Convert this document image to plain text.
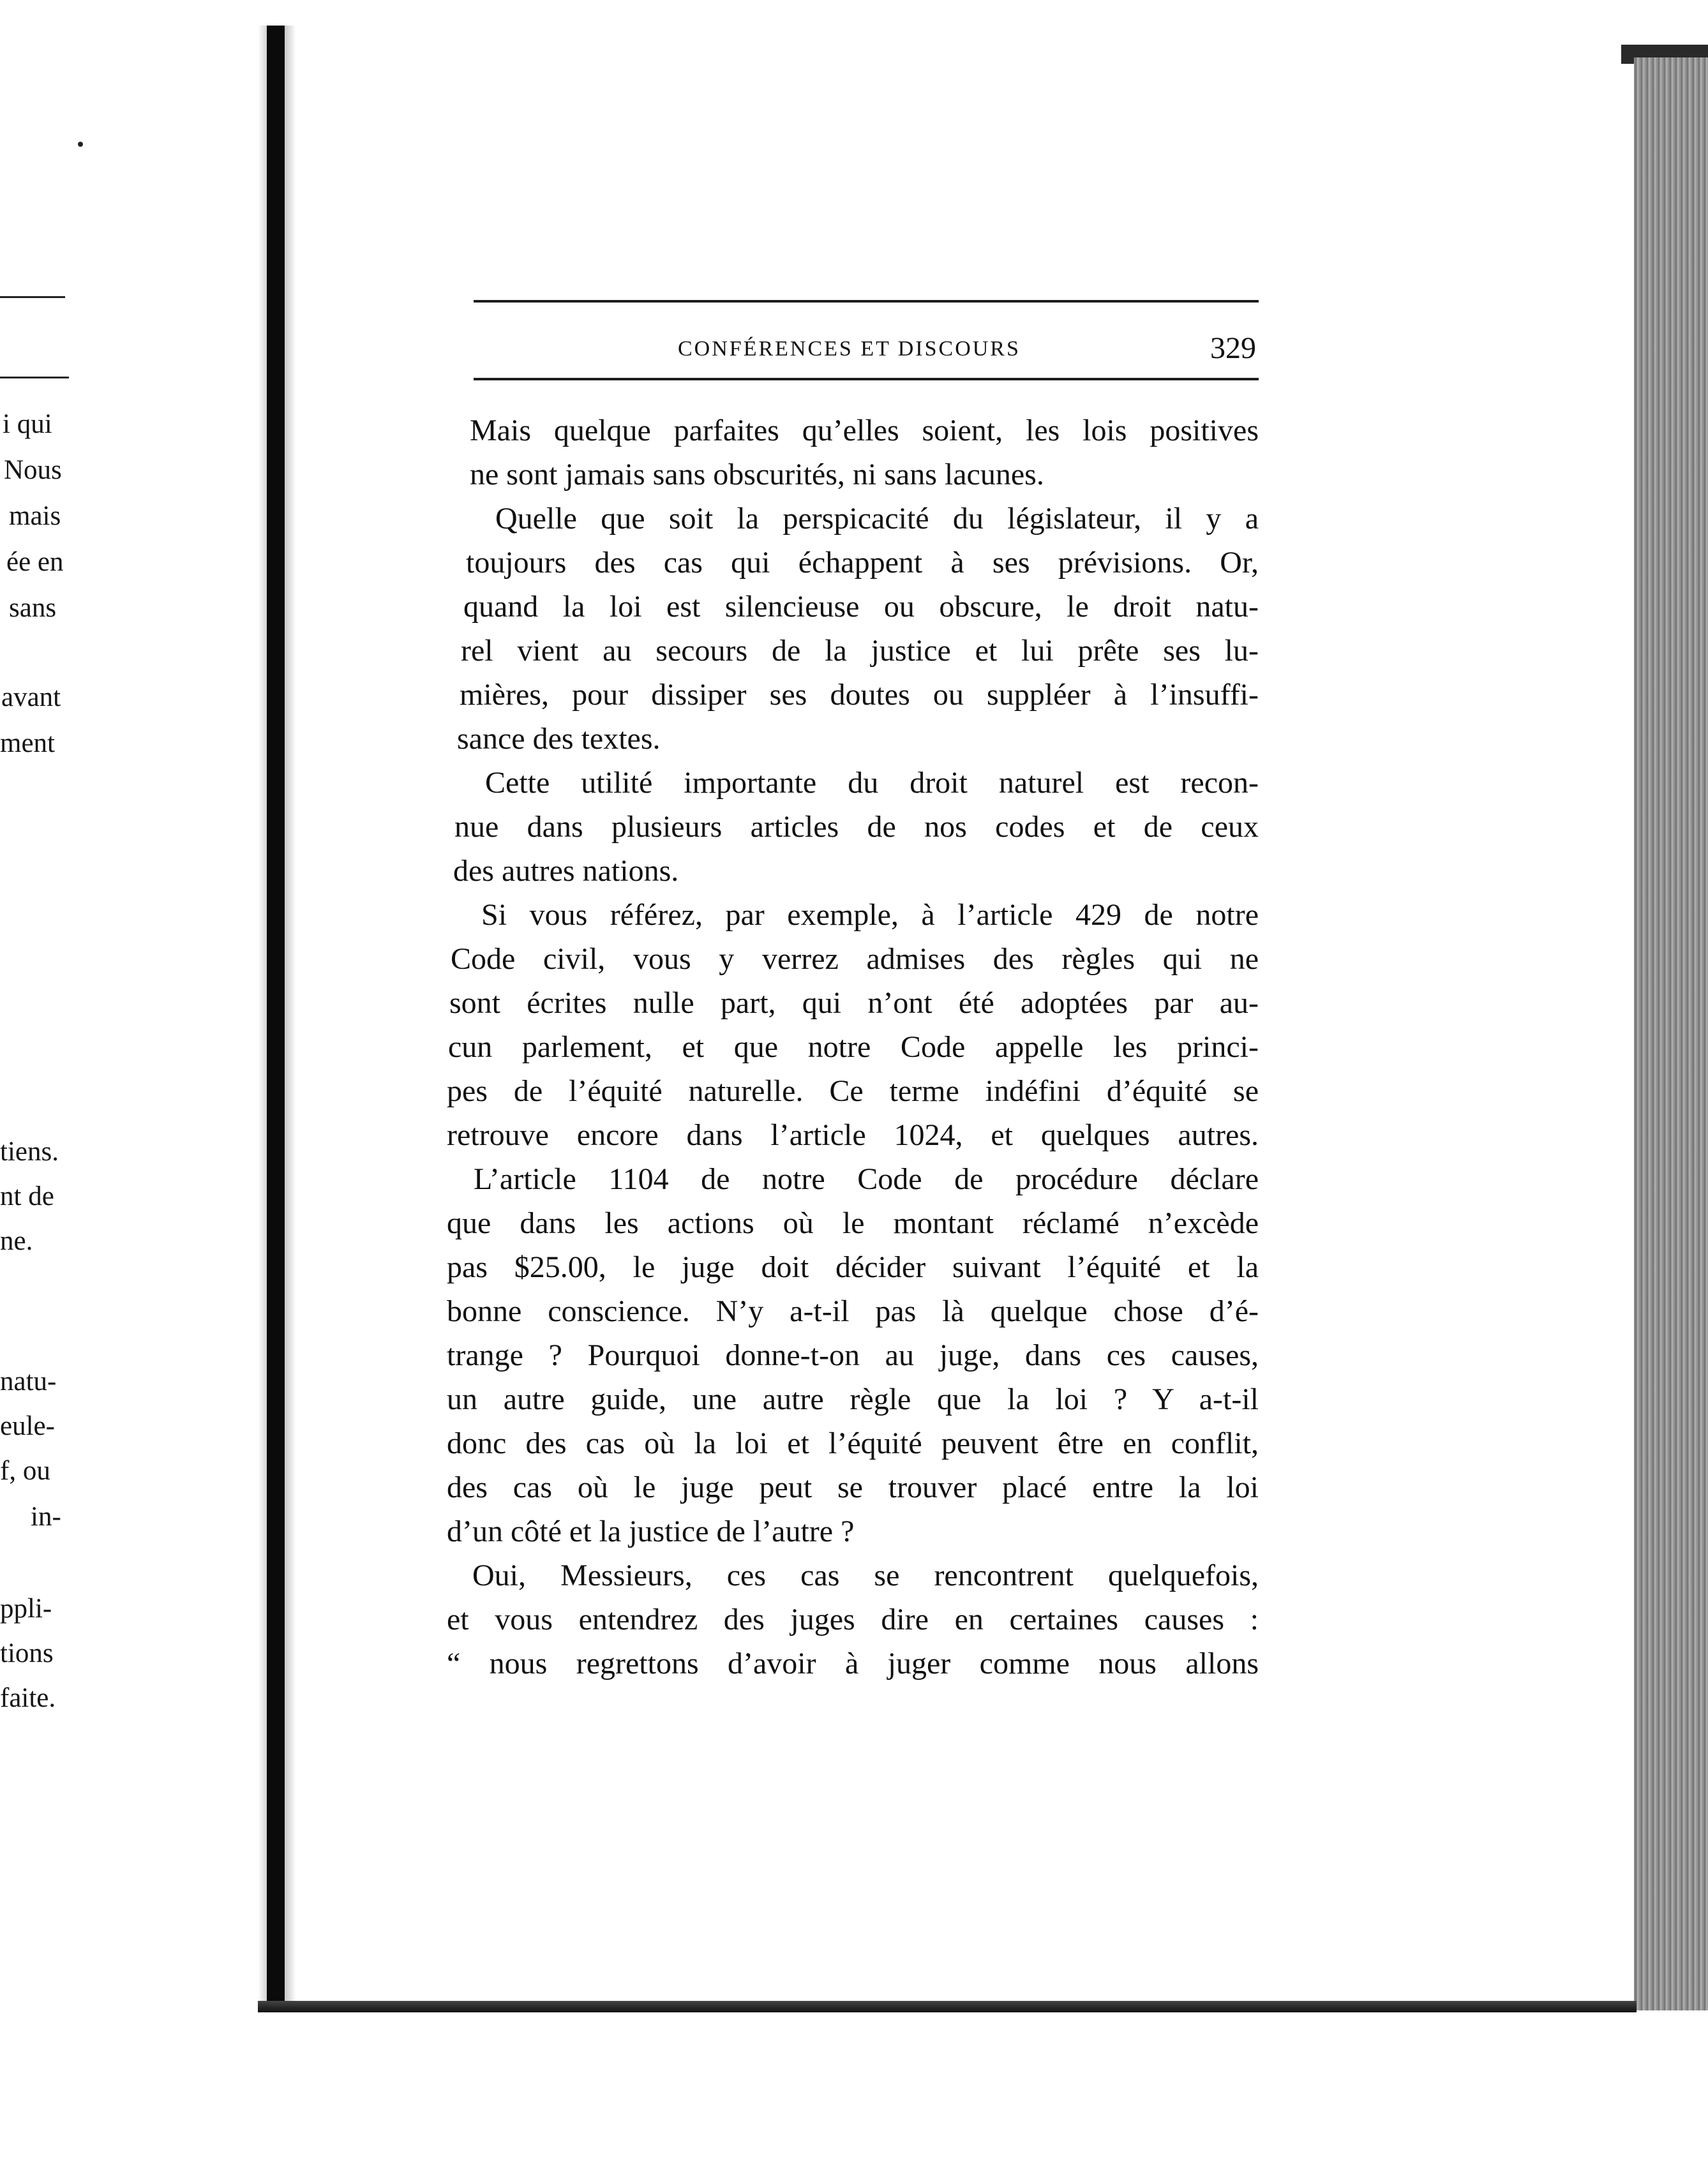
i qui
Nous
mais
ée en
sans
avant
ment
tiens.
nt de
ne.
natu-
eule-
f, ou
in-
ppli-
tions
faite.
CONFÉRENCES ET DISCOURS	329
Mais quelque parfaites qu’elles soient, les lois positives
ne sont jamais sans obscurités, ni sans lacunes.
Quelle que soit la perspicacité du législateur, il y a
toujours des cas qui échappent à ses prévisions. Or,
quand la loi est silencieuse ou obscure, le droit natu-
rel vient au secours de la justice et lui prête ses lu-
mières, pour dissiper ses doutes ou suppléer à l’insuffi-
sance des textes.
Cette utilité importante du droit naturel est recon-
nue dans plusieurs articles de nos codes et de ceux
des autres nations.
Si vous référez, par exemple, à l’article 429 de notre
Code civil, vous y verrez admises des règles qui ne
sont écrites nulle part, qui n’ont été adoptées par au-
cun parlement, et que notre Code appelle les princi-
pes de l’équité naturelle. Ce terme indéfini d’équité se
retrouve encore dans l’article 1024, et quelques autres.
L’article 1104 de notre Code de procédure déclare
que dans les actions où le montant réclamé n’excède
pas $25.00, le juge doit décider suivant l’équité et la
bonne conscience. N’y a-t-il pas là quelque chose d’é-
trange ? Pourquoi donne-t-on au juge, dans ces causes,
un autre guide, une autre règle que la loi ? Y a-t-il
donc des cas où la loi et l’équité peuvent être en conflit,
des cas où le juge peut se trouver placé entre la loi
d’un côté et la justice de l’autre ?
Oui, Messieurs, ces cas se rencontrent quelquefois,
et vous entendrez des juges dire en certaines causes :
“ nous regrettons d’avoir à juger comme nous allons
